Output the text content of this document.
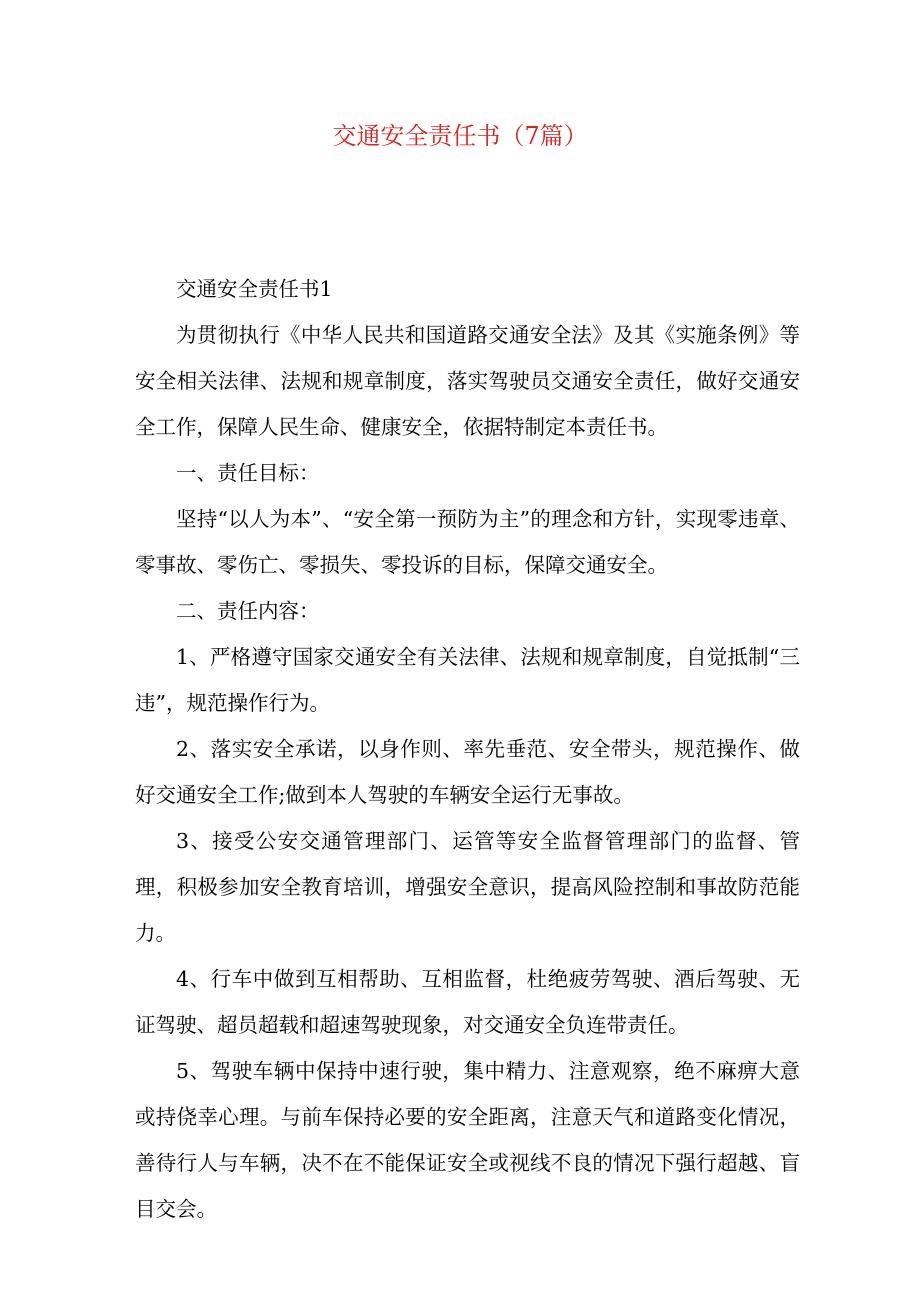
交通安全责任书（7篇）

交通安全责任书1

为贯彻执行《中华人民共和国道路交通安全法》及其《实施条例》等安全相关法律、法规和规章制度，落实驾驶员交通安全责任，做好交通安全工作，保障人民生命、健康安全，依据特制定本责任书。

一、责任目标：

坚持“以人为本”、“安全第一预防为主”的理念和方针，实现零违章、零事故、零伤亡、零损失、零投诉的目标，保障交通安全。

二、责任内容：

1、严格遵守国家交通安全有关法律、法规和规章制度，自觉抵制“三违”，规范操作行为。

2、落实安全承诺，以身作则、率先垂范、安全带头，规范操作、做好交通安全工作;做到本人驾驶的车辆安全运行无事故。

3、接受公安交通管理部门、运管等安全监督管理部门的监督、管理，积极参加安全教育培训，增强安全意识，提高风险控制和事故防范能力。

4、行车中做到互相帮助、互相监督，杜绝疲劳驾驶、酒后驾驶、无证驾驶、超员超载和超速驾驶现象，对交通安全负连带责任。

5、驾驶车辆中保持中速行驶，集中精力、注意观察，绝不麻痹大意或持侥幸心理。与前车保持必要的安全距离，注意天气和道路变化情况，善待行人与车辆，决不在不能保证安全或视线不良的情况下强行超越、盲目交会。
